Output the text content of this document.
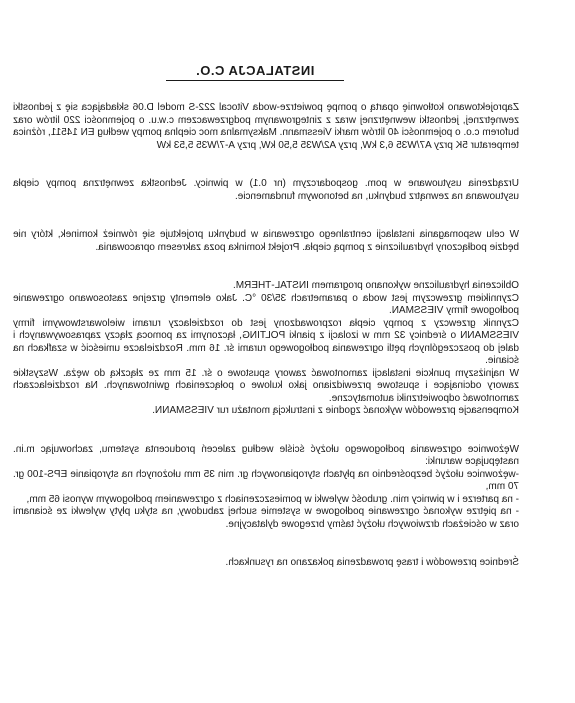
INSTALACJA C.O.

Zaprojektowano kotłownię opartą o pompę powietrze-woda Vitocal 222-S model D.06 składająca się z jednostki zewnętrznej, jednostki wewnętrznej wraz z zintegrowanym podgrzewaczem c.w.u. o pojemności 220 litrów oraz buforem c.o. o pojemności 40 litrów marki Viessmann. Maksymalna moc cieplna pompy według EN 14511, różnica temperatur 5K przy A7/W35 6,3 kW, przy A2/W35 5,50 kW, przy A-7/W35 5,53 kW

Urządzenia usytuowane w pom. gospodarczym (nr 0.1) w piwnicy. Jednostka zewnętrzna pompy ciepła usytuowana na zewnątrz budynku, na betonowym fundamencie.

W celu wspomagania instalacji centralnego ogrzewania w budynku projektuje się również kominek, który nie będzie podłączony hydraulicznie z pompą ciepła. Projekt kominka poza zakresem opracowania.

Obliczenia hydrauliczne wykonano programem INSTAL-THERM.

Czynnikiem grzewczym jest woda o parametrach 35/30 °C. Jako elementy grzejne zastosowano ogrzewanie podłogowe firmy VIESSMAN.

Czynnik grzewczy z pompy ciepła rozprowadzony jest do rozdzielaczy rurami wielowarstwowymi firmy VIESSMANN o średnicy 32 mm w izolacji z pianki POLTING, łączonymi za pomocą złączy zaprasowywanych i dalej do poszczególnych pętli ogrzewania podłogowego rurami śr. 16 mm. Rozdzielacze umieścić w szafkach na ścianie.

W najniższym punkcie instalacji zamontować zawory spustowe o śr. 15 mm ze złączką do węża. Wszystkie zawory odcinające i spustowe przewidziano jako kulowe o połączeniach gwintowanych. Na rozdzielaczach zamontować odpowietrzniki automatyczne.

Kompensacje przewodów wykonać zgodnie z instrukcją montażu rur VIESSMANN.

Wężownice ogrzewania podłogowego ułożyć ściśle według zaleceń producenta systemu, zachowując m.in. następujące warunki:

-wężownice ułożyć bezpośrednio na płytach styropianowych gr. min 35 mm ułożonych na styropianie EPS-100 gr. 70 mm,

- na parterze i w piwnicy min. grubość wylewki w pomieszczeniach z ogrzewaniem podłogowym wynosi 65 mm,

- na piętrze wykonać ogrzewanie podłogowe w systemie suchej zabudowy, na styku płyty wylewki ze ścianami oraz w ościeżach drzwiowych ułożyć taśmy brzegowe dylatacyjne.

Średnice przewodów i trasę prowadzenia pokazano na rysunkach.
